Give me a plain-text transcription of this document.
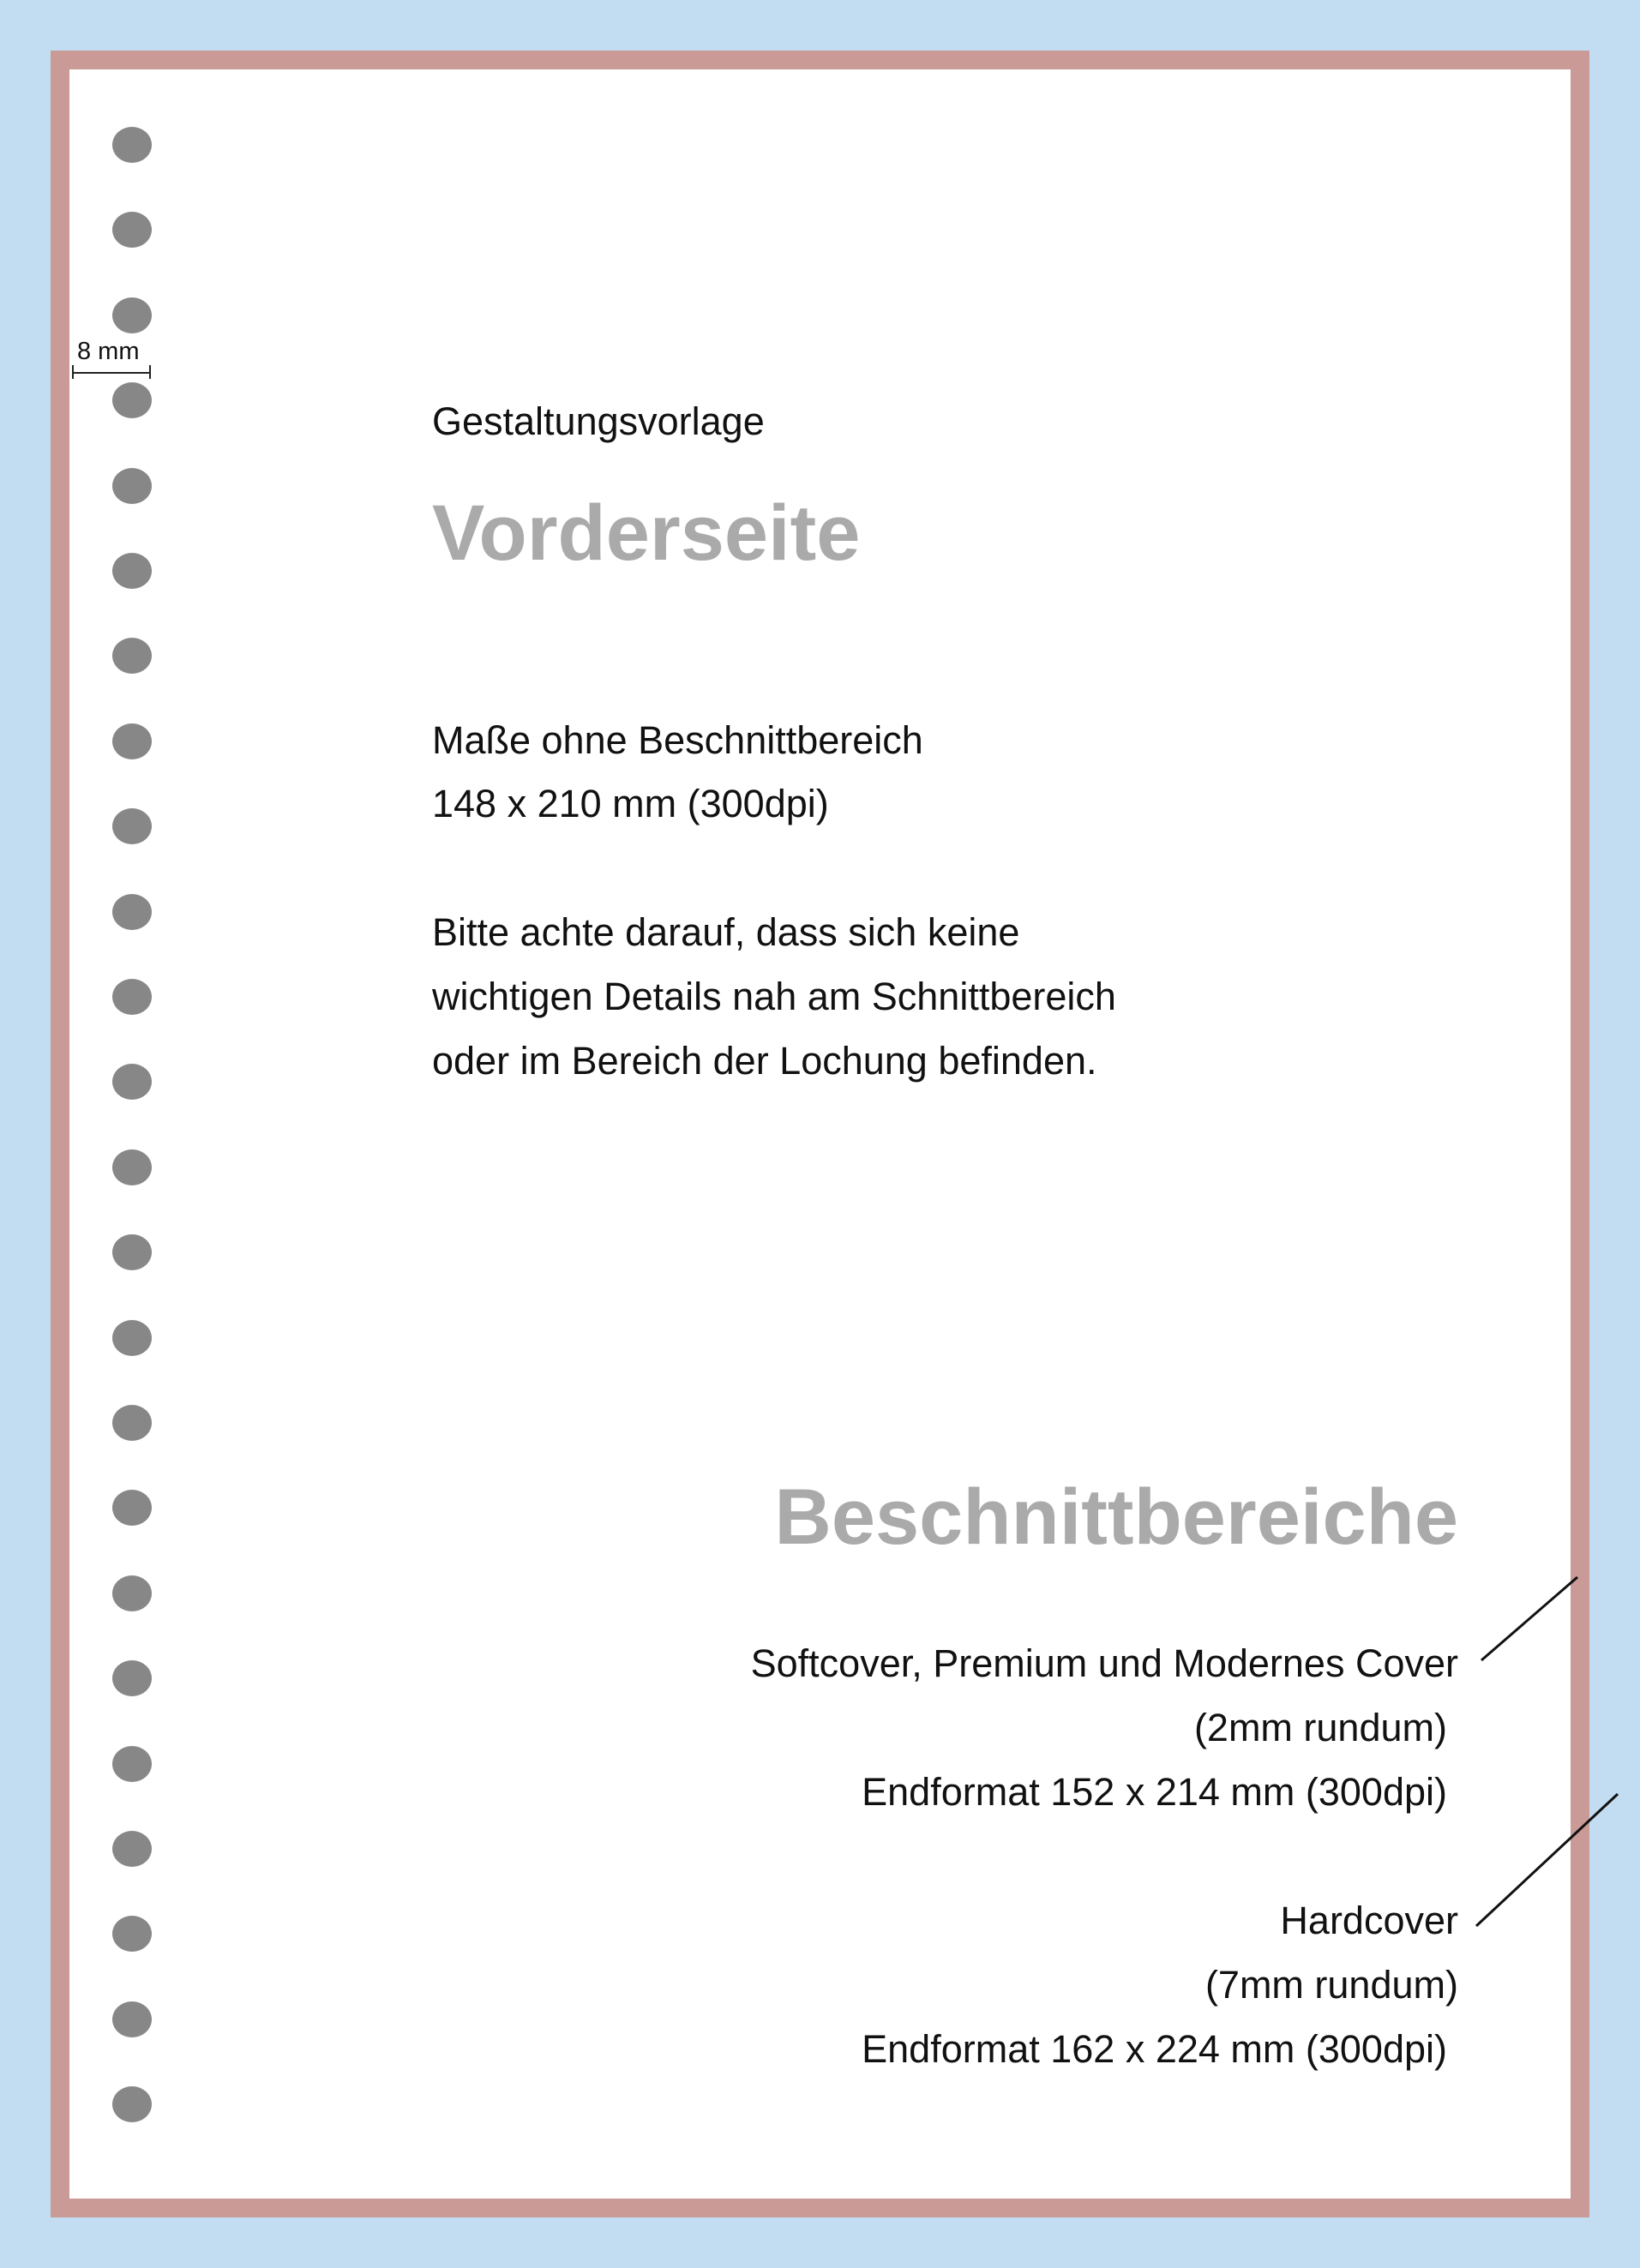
8 mm
Gestaltungsvorlage
Vorderseite
Maße ohne Beschnittbereich
148 x 210 mm (300dpi)
Bitte achte darauf, dass sich keine
wichtigen Details nah am Schnittbereich
oder im Bereich der Lochung befinden.
Beschnittbereiche
Softcover, Premium und Modernes Cover
(2mm rundum)
Endformat 152 x 214 mm (300dpi)
Hardcover
(7mm rundum)
Endformat 162 x 224 mm (300dpi)
